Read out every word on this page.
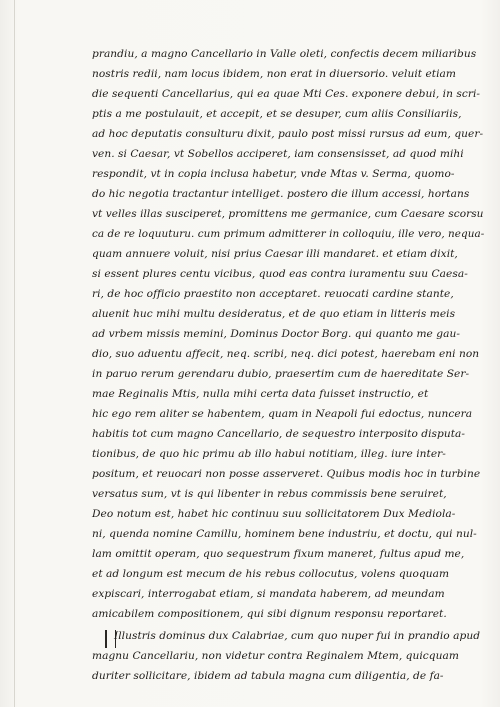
prandiu, a magno Cancellario in Valle oleti, confectis decem miliaribus
nostris redii, nam locus ibidem, non erat in diuersorio. veluit etiam
die sequenti Cancellarius, qui ea quae Mti Ces. exponere debui, in scri-
ptis a me postulauit, et accepit, et se desuper, cum aliis Consiliariis,
ad hoc deputatis consulturu dixit, paulo post missi rursus ad eum, quer-
ven. si Caesar, vt Sobellos acciperet, iam consensisset, ad quod mihi
respondit, vt in copia inclusa habetur, vnde Mtas v. Serma, quomo-
do hic negotia tractantur intelliget. postero die illum accessi, hortans
vt velles illas susciperet, promittens me germanice, cum Caesare scorsu
ca de re loquuturu. cum primum admitterer in colloquiu, ille vero, nequa-
quam annuere voluit, nisi prius Caesar illi mandaret. et etiam dixit,
si essent plures centu vicibus, quod eas contra iuramentu suu Caesa-
ri, de hoc officio praestito non acceptaret. reuocati cardine stante,
aluenit huc mihi multu desideratus, et de quo etiam in litteris meis
ad vrbem missis memini, Dominus Doctor Borg. qui quanto me gau-
dio, suo aduentu affecit, neq. scribi, neq. dici potest, haerebam eni non
in paruo rerum gerendaru dubio, praesertim cum de haereditate Ser-
mae Reginalis Mtis, nulla mihi certa data fuisset instructio, et
hic ego rem aliter se habentem, quam in Neapoli fui edoctus, nuncera
habitis tot cum magno Cancellario, de sequestro interposito disputa-
tionibus, de quo hic primu ab illo habui notitiam, illeg. iure inter-
positum, et reuocari non posse asserveret. Quibus modis hoc in turbine
versatus sum, vt is qui libenter in rebus commissis bene seruiret,
Deo notum est, habet hic continuu suu sollicitatorem Dux Mediola-
ni, quenda nomine Camillu, hominem bene industriu, et doctu, qui nul-
lam omittit operam, quo sequestrum fixum maneret, fultus apud me,
et ad longum est mecum de his rebus collocutus, volens quoquam
expiscari, interrogabat etiam, si mandata haberem, ad meundam
amicabilem compositionem, qui sibi dignum responsu reportaret.
Illustris dominus dux Calabriae, cum quo nuper fui in prandio apud
magnu Cancellariu, non videtur contra Reginalem Mtem, quicquam
duriter sollicitare, ibidem ad tabula magna cum diligentia, de fa-
